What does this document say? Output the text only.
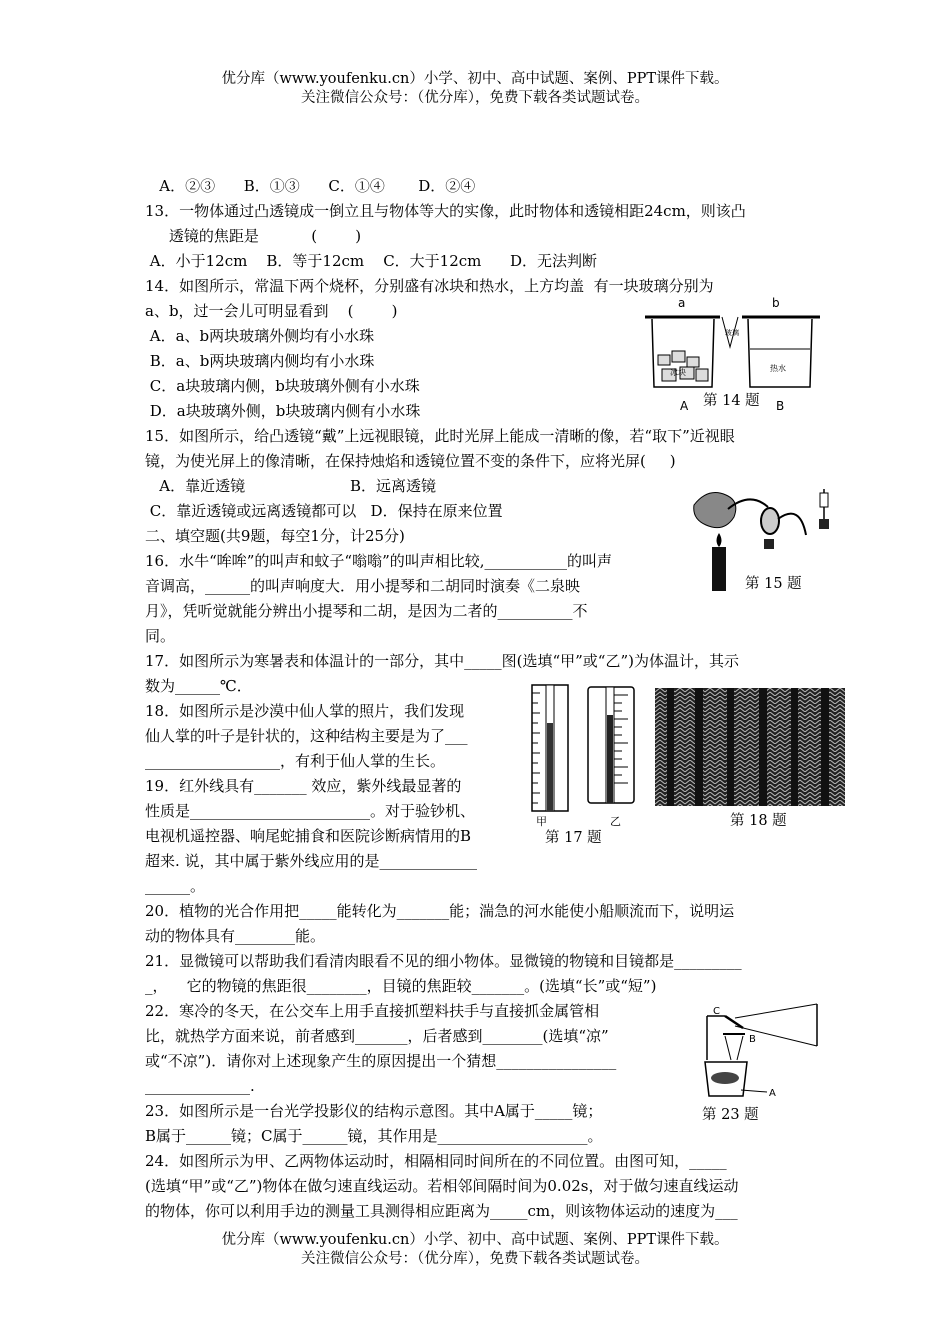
优分库（www.youfenku.cn）小学、初中、高中试题、案例、PPT课件下载。
关注微信公众号：（优分库），免费下载各类试题试卷。
A．②③      B．①③      C．①④       D．②④
13．一物体通过凸透镜成一倒立且与物体等大的实像，此时物体和透镜相距24cm，则该凸
透镜的焦距是           (        )
A．小于12cm    B．等于12cm    C．大于12cm      D．无法判断
14．如图所示，常温下两个烧杯，分别盛有冰块和热水，上方均盖  有一块玻璃分别为
a、b，过一会儿可明显看到    (        )
A．a、b两块玻璃外侧均有小水珠
B．a、b两块玻璃内侧均有小水珠
C．a块玻璃内侧，b块玻璃外侧有小水珠
D．a块玻璃外侧，b块玻璃内侧有小水珠
15．如图所示，给凸透镜“戴”上远视眼镜，此时光屏上能成一清晰的像，若“取下”近视眼
镜，为使光屏上的像清晰，在保持烛焰和透镜位置不变的条件下，应将光屏(     )
A．靠近透镜                      B．远离透镜
C．靠近透镜或远离透镜都可以   D．保持在原来位置
二、填空题(共9题，每空1分，计25分)
16．水牛“哞哞”的叫声和蚊子“嗡嗡”的叫声相比较,___________的叫声
音调高，______的叫声响度大．用小提琴和二胡同时演奏《二泉映
月》，凭听觉就能分辨出小提琴和二胡，是因为二者的__________不
同。
17．如图所示为寒暑表和体温计的一部分，其中_____图(选填“甲”或“乙”)为体温计，其示
数为______℃．
18．如图所示是沙漠中仙人掌的照片，我们发现
仙人掌的叶子是针状的，这种结构主要是为了___
__________________，有利于仙人掌的生长。
19．红外线具有_______ 效应，紫外线最显著的
性质是________________________。对于验钞机、
电视机遥控器、响尾蛇捕食和医院诊断病情用的B
超来. 说，其中属于紫外线应用的是_____________
______。
20．植物的光合作用把_____能转化为_______能；湍急的河水能使小船顺流而下，说明运
动的物体具有________能。
21．显微镜可以帮助我们看清肉眼看不见的细小物体。显微镜的物镜和目镜都是_________
_，    它的物镜的焦距很________，目镜的焦距较_______。(选填“长”或“短”)
22．寒冷的冬天，在公交车上用手直接抓塑料扶手与直接抓金属管相
比，就热学方面来说，前者感到_______，后者感到________(选填“凉”
或“不凉”)．请你对上述现象产生的原因提出一个猜想________________
______________.
23．如图所示是一台光学投影仪的结构示意图。其中A属于_____镜；
B属于______镜；C属于______镜，其作用是____________________。
24．如图所示为甲、乙两物体运动时，相隔相同时间所在的不同位置。由图可知，_____
(选填“甲”或“乙”)物体在做匀速直线运动。若相邻间隔时间为0.02s，对于做匀速直线运动
的物体，你可以利用手边的测量工具测得相应距离为_____cm，则该物体运动的速度为___
a	b
冰块	热水
玻璃
A	B
第 14 题
第 15 题
甲	乙
第 17 题
第 18 题
C
B
A
第 23 题
优分库（www.youfenku.cn）小学、初中、高中试题、案例、PPT课件下载。
关注微信公众号：（优分库），免费下载各类试题试卷。
